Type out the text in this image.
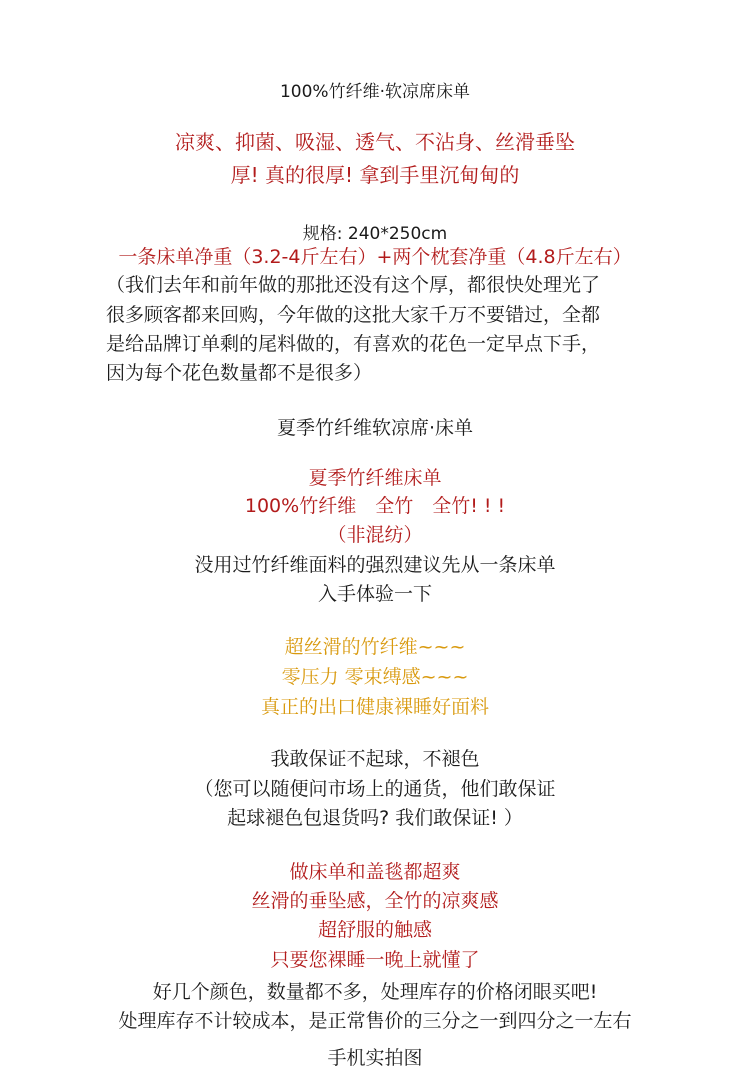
100%竹纤维·软凉席床单
凉爽、抑菌、吸湿、透气、不沾身、丝滑垂坠
厚! 真的很厚! 拿到手里沉甸甸的
规格: 240*250cm
一条床单净重（3.2-4斤左右）+两个枕套净重（4.8斤左右）
（我们去年和前年做的那批还没有这个厚，都很快处理光了
很多顾客都来回购，今年做的这批大家千万不要错过，全都
是给品牌订单剩的尾料做的，有喜欢的花色一定早点下手，
因为每个花色数量都不是很多）
夏季竹纤维软凉席·床单
夏季竹纤维床单
100%竹纤维　全竹　全竹! ! !
（非混纺）
没用过竹纤维面料的强烈建议先从一条床单
入手体验一下
超丝滑的竹纤维~~~
零压力 零束缚感~~~
真正的出口健康裸睡好面料
我敢保证不起球，不褪色
（您可以随便问市场上的通货，他们敢保证
起球褪色包退货吗? 我们敢保证! ）
做床单和盖毯都超爽
丝滑的垂坠感，全竹的凉爽感
超舒服的触感
只要您裸睡一晚上就懂了
好几个颜色，数量都不多，处理库存的价格闭眼买吧!
处理库存不计较成本，是正常售价的三分之一到四分之一左右
手机实拍图
